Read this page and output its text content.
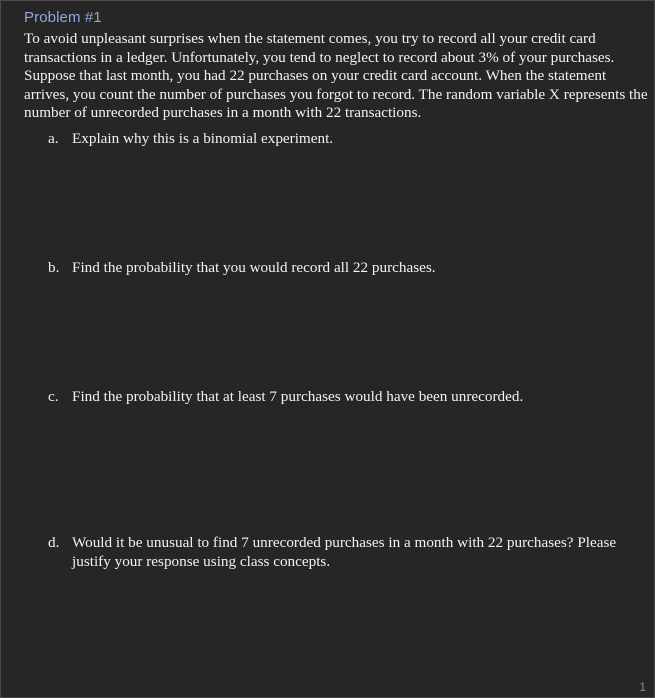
Problem #1

To avoid unpleasant surprises when the statement comes, you try to record all your credit card transactions in a ledger. Unfortunately, you tend to neglect to record about 3% of your purchases. Suppose that last month, you had 22 purchases on your credit card account. When the statement arrives, you count the number of purchases you forgot to record. The random variable X represents the number of unrecorded purchases in a month with 22 transactions.

a. Explain why this is a binomial experiment.
b. Find the probability that you would record all 22 purchases.
c. Find the probability that at least 7 purchases would have been unrecorded.
d. Would it be unusual to find 7 unrecorded purchases in a month with 22 purchases? Please justify your response using class concepts.
1
